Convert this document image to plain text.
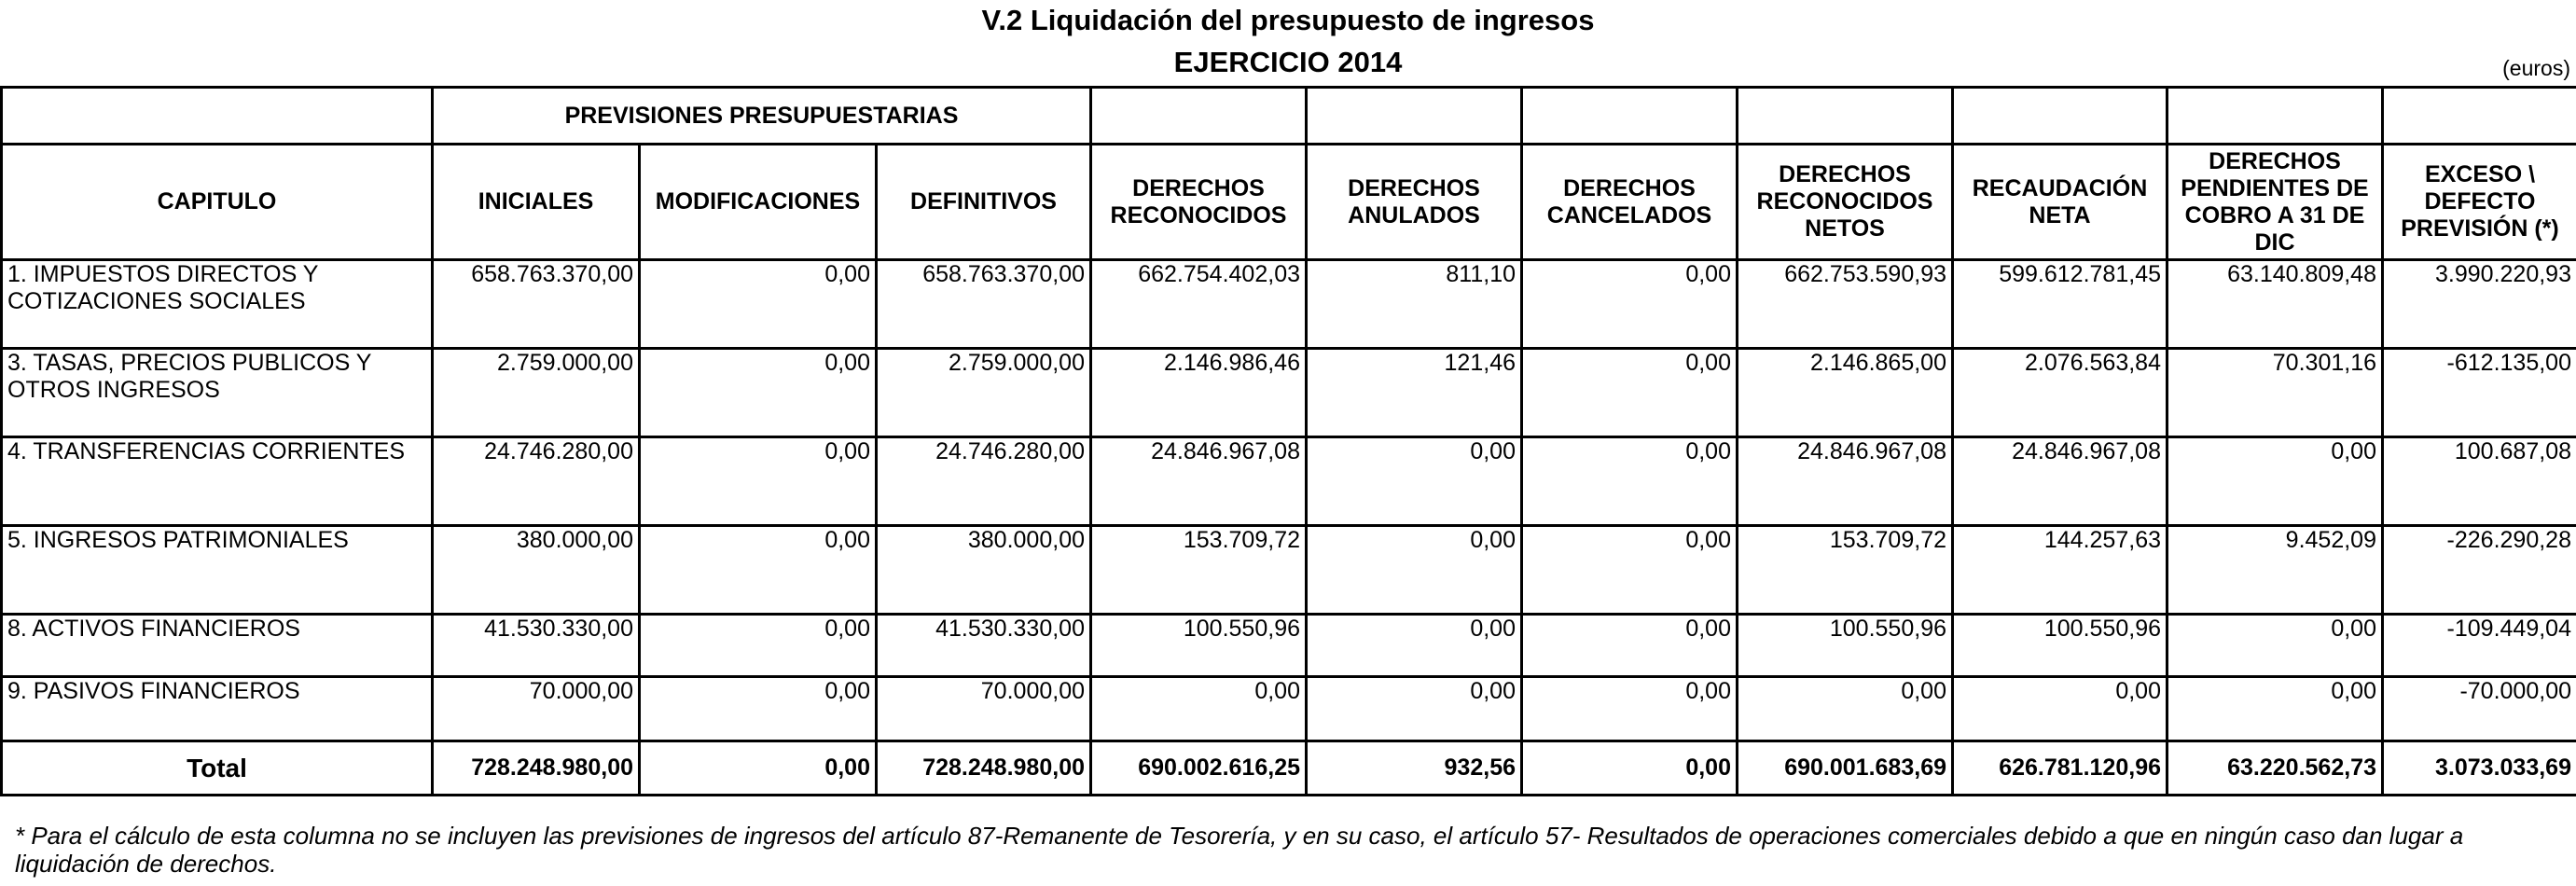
V.2 Liquidación del presupuesto de ingresos
EJERCICIO 2014	(euros)
	PREVISIONES PRESUPUESTARIAS									
CAPITULO	INICIALES	MODIFICACIONES	DEFINITIVOS	DERECHOS RECONOCIDOS	DERECHOS ANULADOS	DERECHOS CANCELADOS	DERECHOS RECONOCIDOS NETOS	RECAUDACIÓN NETA	DERECHOS PENDIENTES DE COBRO A 31 DE DIC	EXCESO \ DEFECTO PREVISIÓN (*)
1. IMPUESTOS DIRECTOS Y COTIZACIONES SOCIALES	658.763.370,00	0,00	658.763.370,00	662.754.402,03	811,10	0,00	662.753.590,93	599.612.781,45	63.140.809,48	3.990.220,93
3. TASAS, PRECIOS PUBLICOS Y OTROS INGRESOS	2.759.000,00	0,00	2.759.000,00	2.146.986,46	121,46	0,00	2.146.865,00	2.076.563,84	70.301,16	-612.135,00
4. TRANSFERENCIAS CORRIENTES	24.746.280,00	0,00	24.746.280,00	24.846.967,08	0,00	0,00	24.846.967,08	24.846.967,08	0,00	100.687,08
5. INGRESOS PATRIMONIALES	380.000,00	0,00	380.000,00	153.709,72	0,00	0,00	153.709,72	144.257,63	9.452,09	-226.290,28
8. ACTIVOS FINANCIEROS	41.530.330,00	0,00	41.530.330,00	100.550,96	0,00	0,00	100.550,96	100.550,96	0,00	-109.449,04
9. PASIVOS FINANCIEROS	70.000,00	0,00	70.000,00	0,00	0,00	0,00	0,00	0,00	0,00	-70.000,00
Total	728.248.980,00	0,00	728.248.980,00	690.002.616,25	932,56	0,00	690.001.683,69	626.781.120,96	63.220.562,73	3.073.033,69
* Para el cálculo de esta columna no se incluyen las previsiones de ingresos del artículo 87-Remanente de Tesorería, y en su caso, el artículo 57- Resultados de operaciones comerciales debido a que en ningún caso dan lugar a liquidación de derechos.
